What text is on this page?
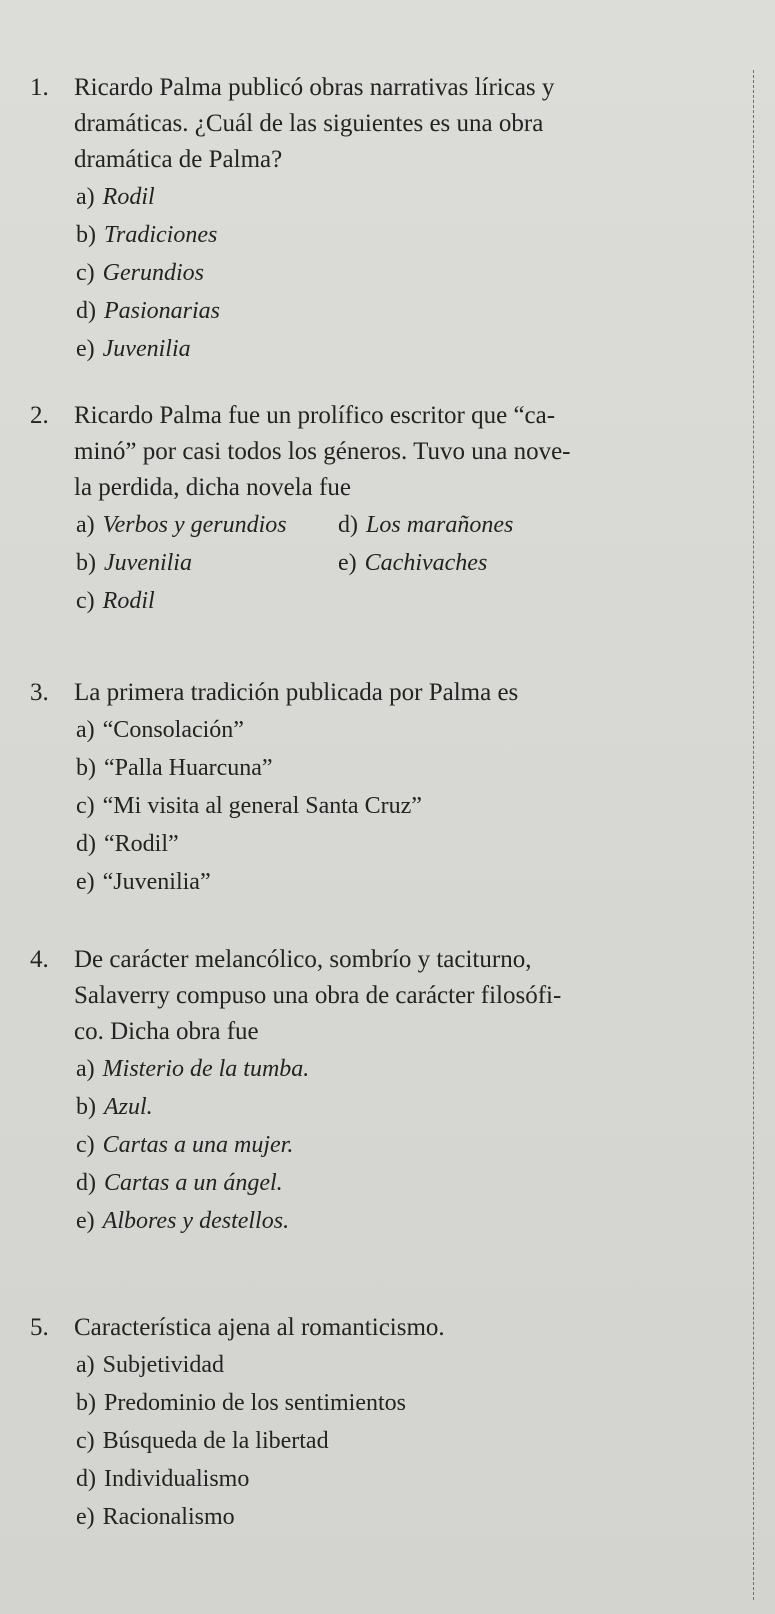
1. Ricardo Palma publicó obras narrativas líricas y
dramáticas. ¿Cuál de las siguientes es una obra
dramática de Palma?
a) Rodil
b) Tradiciones
c) Gerundios
d) Pasionarias
e) Juvenilia
2. Ricardo Palma fue un prolífico escritor que “ca-
minó” por casi todos los géneros. Tuvo una nove-
la perdida, dicha novela fue
a) Verbos y gerundios
b) Juvenilia
c) Rodil
d) Los marañones
e) Cachivaches
3. La primera tradición publicada por Palma es
a) “Consolación”
b) “Palla Huarcuna”
c) “Mi visita al general Santa Cruz”
d) “Rodil”
e) “Juvenilia”
4. De carácter melancólico, sombrío y taciturno,
Salaverry compuso una obra de carácter filosófi-
co. Dicha obra fue
a) Misterio de la tumba.
b) Azul.
c) Cartas a una mujer.
d) Cartas a un ángel.
e) Albores y destellos.
5. Característica ajena al romanticismo.
a) Subjetividad
b) Predominio de los sentimientos
c) Búsqueda de la libertad
d) Individualismo
e) Racionalismo
